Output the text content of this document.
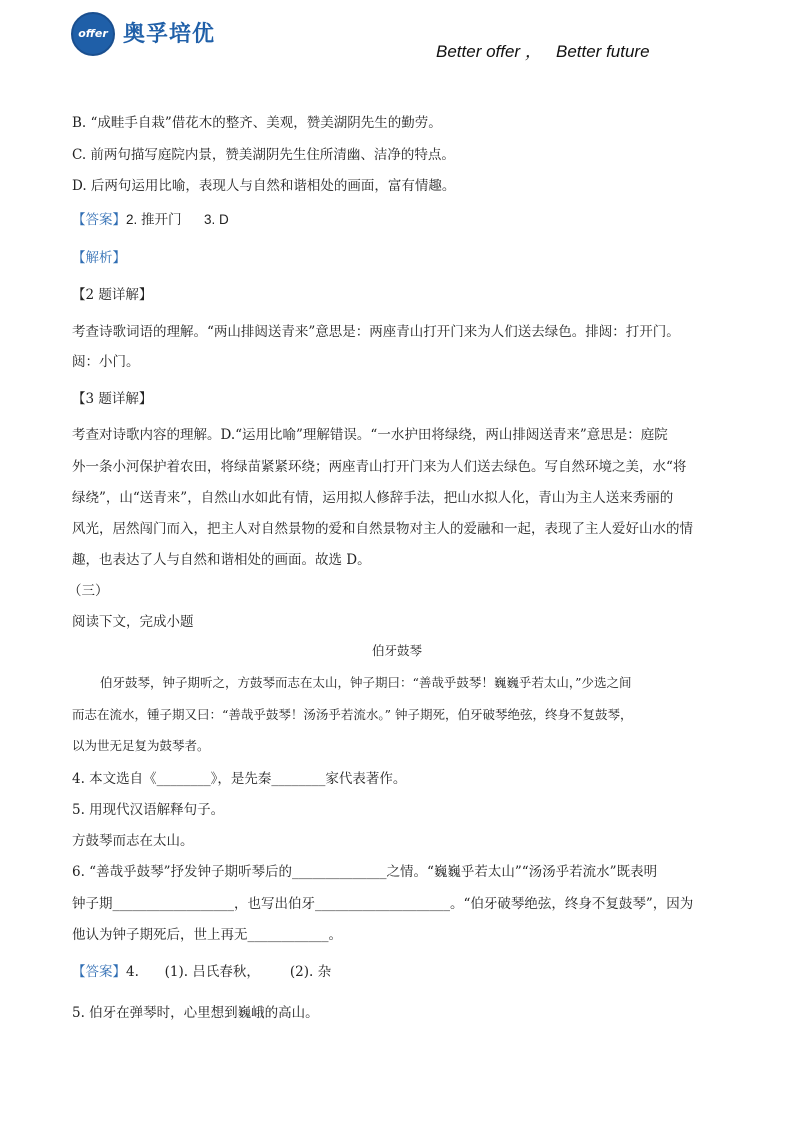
offer 奥孚培优
Better offer ，   Better future
B. “成畦手自栽”借花木的整齐、美观，赞美湖阴先生的勤劳。
C. 前两句描写庭院内景，赞美湖阴先生住所清幽、洁净的特点。
D. 后两句运用比喻，表现人与自然和谐相处的画面，富有情趣。
【答案】2. 推开门      3. D
【解析】
【2 题详解】
考查诗歌词语的理解。“两山排闼送青来”意思是：两座青山打开门来为人们送去绿色。排闼：打开门。
闼：小门。
【3 题详解】
考查对诗歌内容的理解。D.“运用比喻”理解错误。“一水护田将绿绕，两山排闼送青来”意思是：庭院
外一条小河保护着农田，将绿苗紧紧环绕；两座青山打开门来为人们送去绿色。写自然环境之美，水“将
绿绕”，山“送青来”，自然山水如此有情，运用拟人修辞手法，把山水拟人化，青山为主人送来秀丽的
风光，居然闯门而入，把主人对自然景物的爱和自然景物对主人的爱融和一起，表现了主人爱好山水的情
趣，也表达了人与自然和谐相处的画面。故选 D。
（三）
阅读下文，完成小题
伯牙鼓琴
伯牙鼓琴，钟子期听之，方鼓琴而志在太山，钟子期曰：“善哉乎鼓琴！巍巍乎若太山，”少选之间
而志在流水，锺子期又曰：“善哉乎鼓琴！汤汤乎若流水。” 钟子期死，伯牙破琴绝弦，终身不复鼓琴，
以为世无足复为鼓琴者。
4. 本文选自《________》，是先秦________家代表著作。
5. 用现代汉语解释句子。
方鼓琴而志在太山。
6. “善哉乎鼓琴”抒发钟子期听琴后的______________之情。“巍巍乎若太山”“汤汤乎若流水”既表明
钟子期__________________，也写出伯牙____________________。“伯牙破琴绝弦，终身不复鼓琴”，因为
他认为钟子期死后，世上再无____________。
【答案】4.      (1). 吕氏春秋，       (2). 杂
5. 伯牙在弹琴时，心里想到巍峨的高山。
